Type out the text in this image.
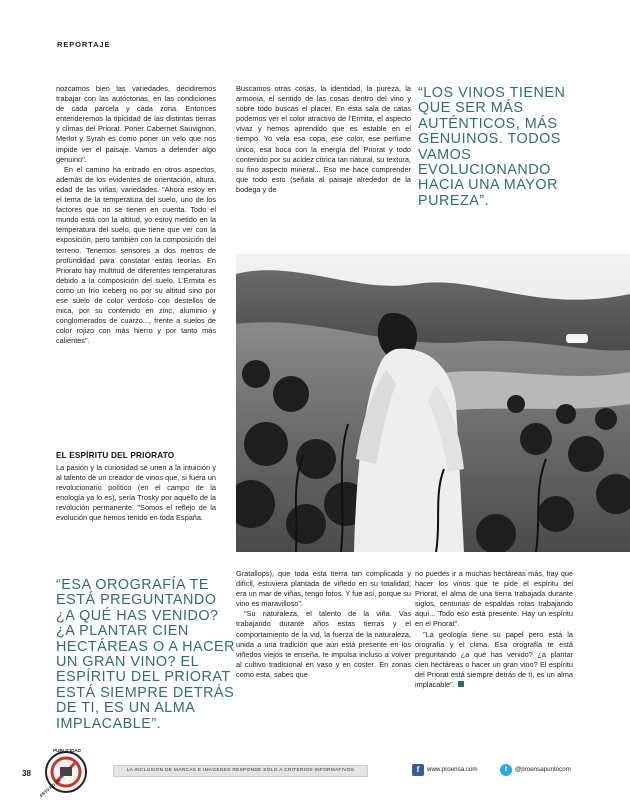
REPORTAJE

nozcamos bien las variedades, decidiremos trabajar con las autóctonas, en las condiciones de cada parcela y cada zona. Entonces entenderemos la tipicidad de las distintas tierras y climas del Priorat. Poner Cabernet Sauvignon, Merlot y Syrah es como poner un velo que nos impide ver el paisaje. Vamos a defender algo genuino".

En el camino ha entrado en otros aspectos, además de los evidentes de orientación, altura, edad de las viñas, variedades. "Ahora estoy en el tema de la temperatura del suelo, uno de los factores que no se tienen en cuenta. Todo el mundo está con la altitud, yo estoy metido en la temperatura del suelo, que tiene que ver con la exposición, pero también con la composición del terreno. Tenemos sensores a dos metros de profundidad para constatar estas teorías. En Priorato hay multitud de diferentes temperaturas debido a la composición del suelo. L'Ermita es como un frío iceberg no por su altitud sino por ese suelo de color verdoso con destellos de mica, por su contenido en zinc, aluminio y conglomerados de cuarzo..., frente a suelos de color rojizo con más hierro y por tanto más calientes".

EL ESPÍRITU DEL PRIORATO

La pasión y la curiosidad se unen a la intuición y al talento de un creador de vinos que, si fuera un revolucionario político (en el campo de la enología ya lo es), sería Trosky por aquello de la revolución permanente. "Somos el reflejo de la evolución que hemos tenido en toda España.

Buscamos otras cosas, la identidad, la pureza, la armonía, el sentido de las cosas dentro del vino y sobre todo buscas el placer. En esta sala de catas podemos ver el color atractivo de l'Ermita, el aspecto vivaz y hemos aprendido que es estable en el tiempo. Yo vela esa copa, ese color, ese perfume único, esa boca con la energía del Priorat y todo contenido por su acidez cítrica tan natural, su textura, su fino aspecto mineral... Eso me hace comprender que todo esto (señala al paisaje alrededor de la bodega y de

“LOS VINOS TIENEN QUE SER MÁS AUTÉNTICOS, MÁS GENUINOS. TODOS VAMOS EVOLUCIONANDO HACIA UNA MAYOR PUREZA”.
“ESA OROGRAFÍA TE ESTÁ PREGUNTANDO ¿A QUÉ HAS VENIDO? ¿A PLANTAR CIEN HECTÁREAS O A HACER UN GRAN VINO? EL ESPÍRITU DEL PRIORAT ESTÁ SIEMPRE DETRÁS DE TI, ES UN ALMA IMPLACABLE”.

Gratallops), que toda esta tierra tan complicada y difícil, estuviera plantada de viñedo en su totalidad; era un mar de viñas, tengo fotos. Y fue así, porque su vino es maravilloso".

"Su naturaleza, el talento de la viña. Vas trabajando durante años estas tierras y el comportamiento de la vid, la fuerza de la naturaleza, unida a una tradición que aún está presente en los viñedos viejos te enseña, te impulsa incluso a volver al cultivo tradicional en vaso y en coster. En zonas como esta, sabes que

no puedes ir a muchas hectáreas más, hay que hacer los vinos que te pide el espíritu del Priorat, el alma de una tierra trabajada durante siglos, centurias de espaldas rotas trabajando aquí... Todo eso está presente. Hay un espíritu en el Priorat".

"La geología tiene su papel pero está la orografía y el clima. Esa orografía te está preguntando ¿a qué has venido? ¿a plantar cien hectáreas o hacer un gran vino? El espíritu del Priorat está siempre detrás de tí, es un alma implacable".

38
PUBLICIDAD
ESTO NO ES
LA INCLUSIÓN DE MARCAS E IMÁGENES RESPONDE SÓLO A CRITERIOS INFORMATIVOS	f www.proensa.com	t @proensapuntocom
